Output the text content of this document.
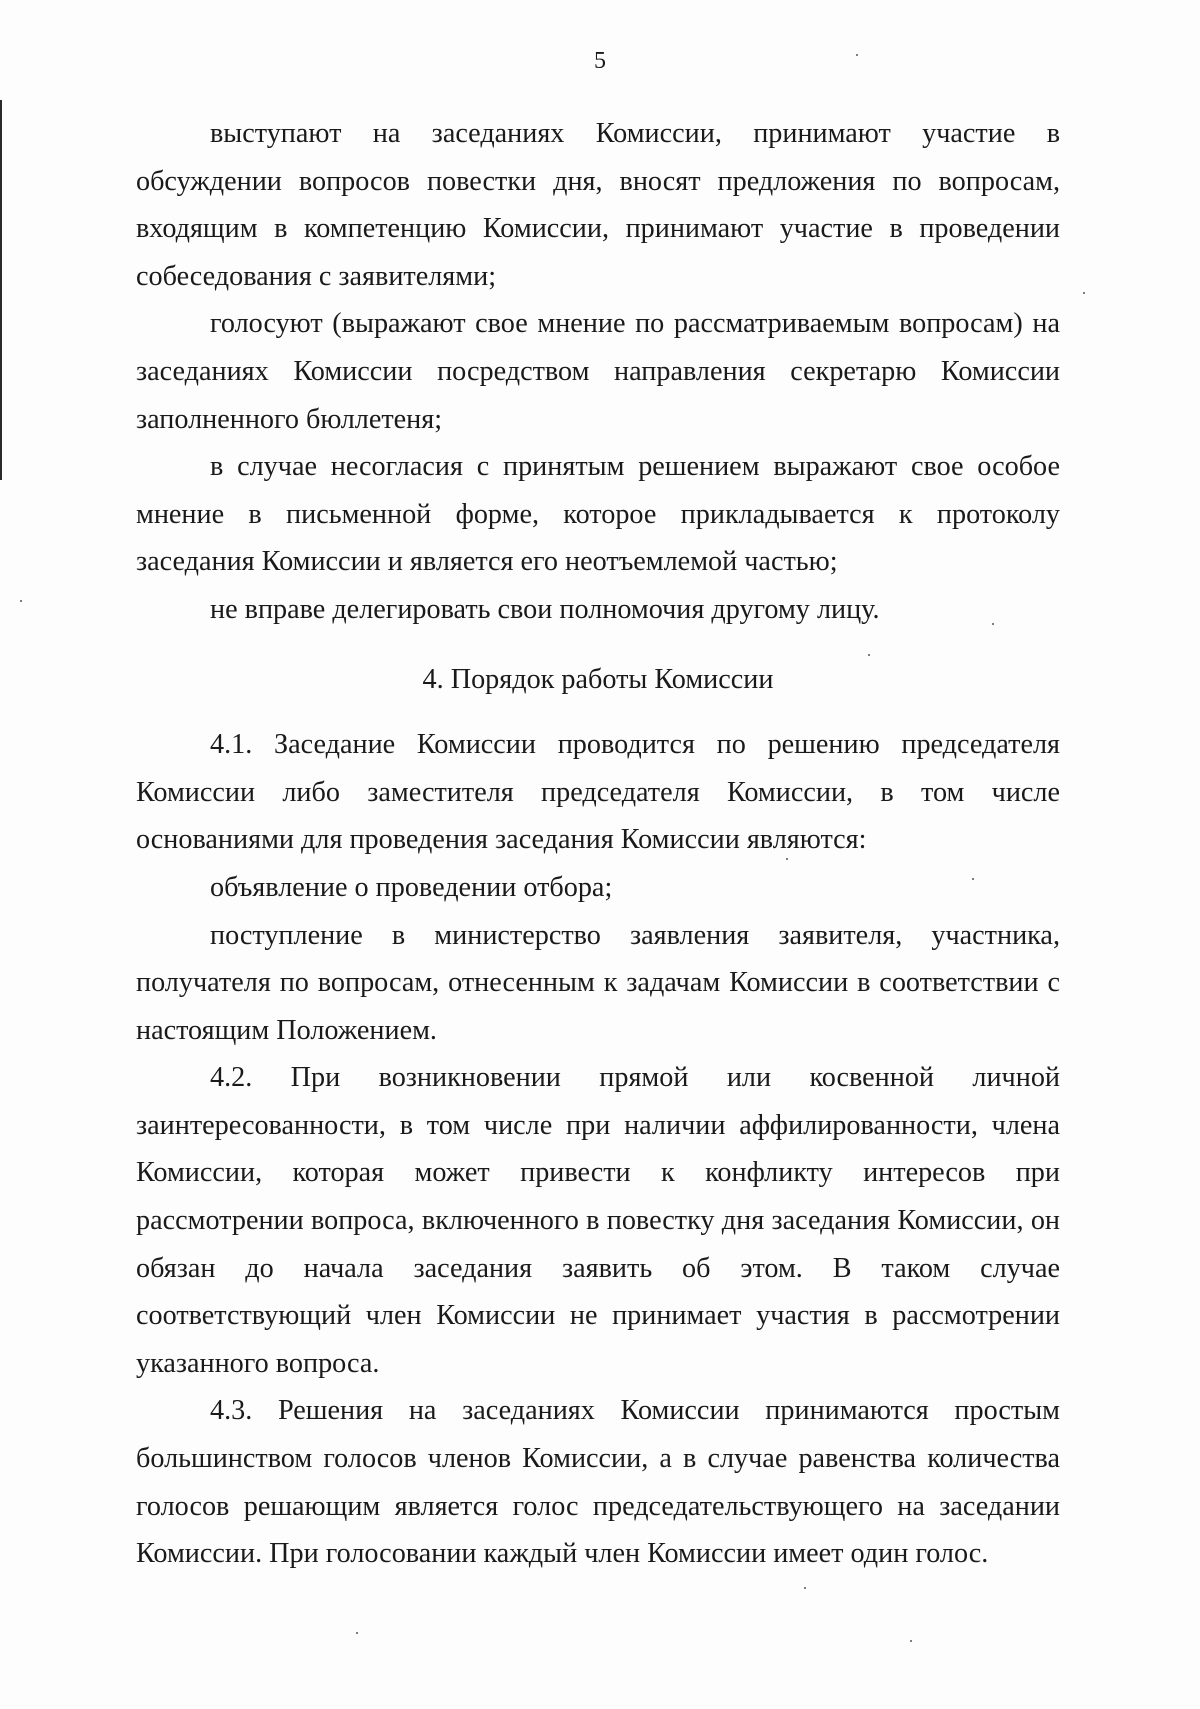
5

выступают на заседаниях Комиссии, принимают участие в обсуждении вопросов повестки дня, вносят предложения по вопросам, входящим в компетенцию Комиссии, принимают участие в проведении собеседования с заявителями;

голосуют (выражают свое мнение по рассматриваемым вопросам) на заседаниях Комиссии посредством направления секретарю Комиссии заполненного бюллетеня;

в случае несогласия с принятым решением выражают свое особое мнение в письменной форме, которое прикладывается к протоколу заседания Комиссии и является его неотъемлемой частью;

не вправе делегировать свои полномочия другому лицу.

4. Порядок работы Комиссии

4.1. Заседание Комиссии проводится по решению председателя Комиссии либо заместителя председателя Комиссии, в том числе основаниями для проведения заседания Комиссии являются:

объявление о проведении отбора;

поступление в министерство заявления заявителя, участника, получателя по вопросам, отнесенным к задачам Комиссии в соответствии с настоящим Положением.

4.2. При возникновении прямой или косвенной личной заинтересованности, в том числе при наличии аффилированности, члена Комиссии, которая может привести к конфликту интересов при рассмотрении вопроса, включенного в повестку дня заседания Комиссии, он обязан до начала заседания заявить об этом. В таком случае соответствующий член Комиссии не принимает участия в рассмотрении указанного вопроса.

4.3. Решения на заседаниях Комиссии принимаются простым большинством голосов членов Комиссии, а в случае равенства количества голосов решающим является голос председательствующего на заседании Комиссии. При голосовании каждый член Комиссии имеет один голос.
